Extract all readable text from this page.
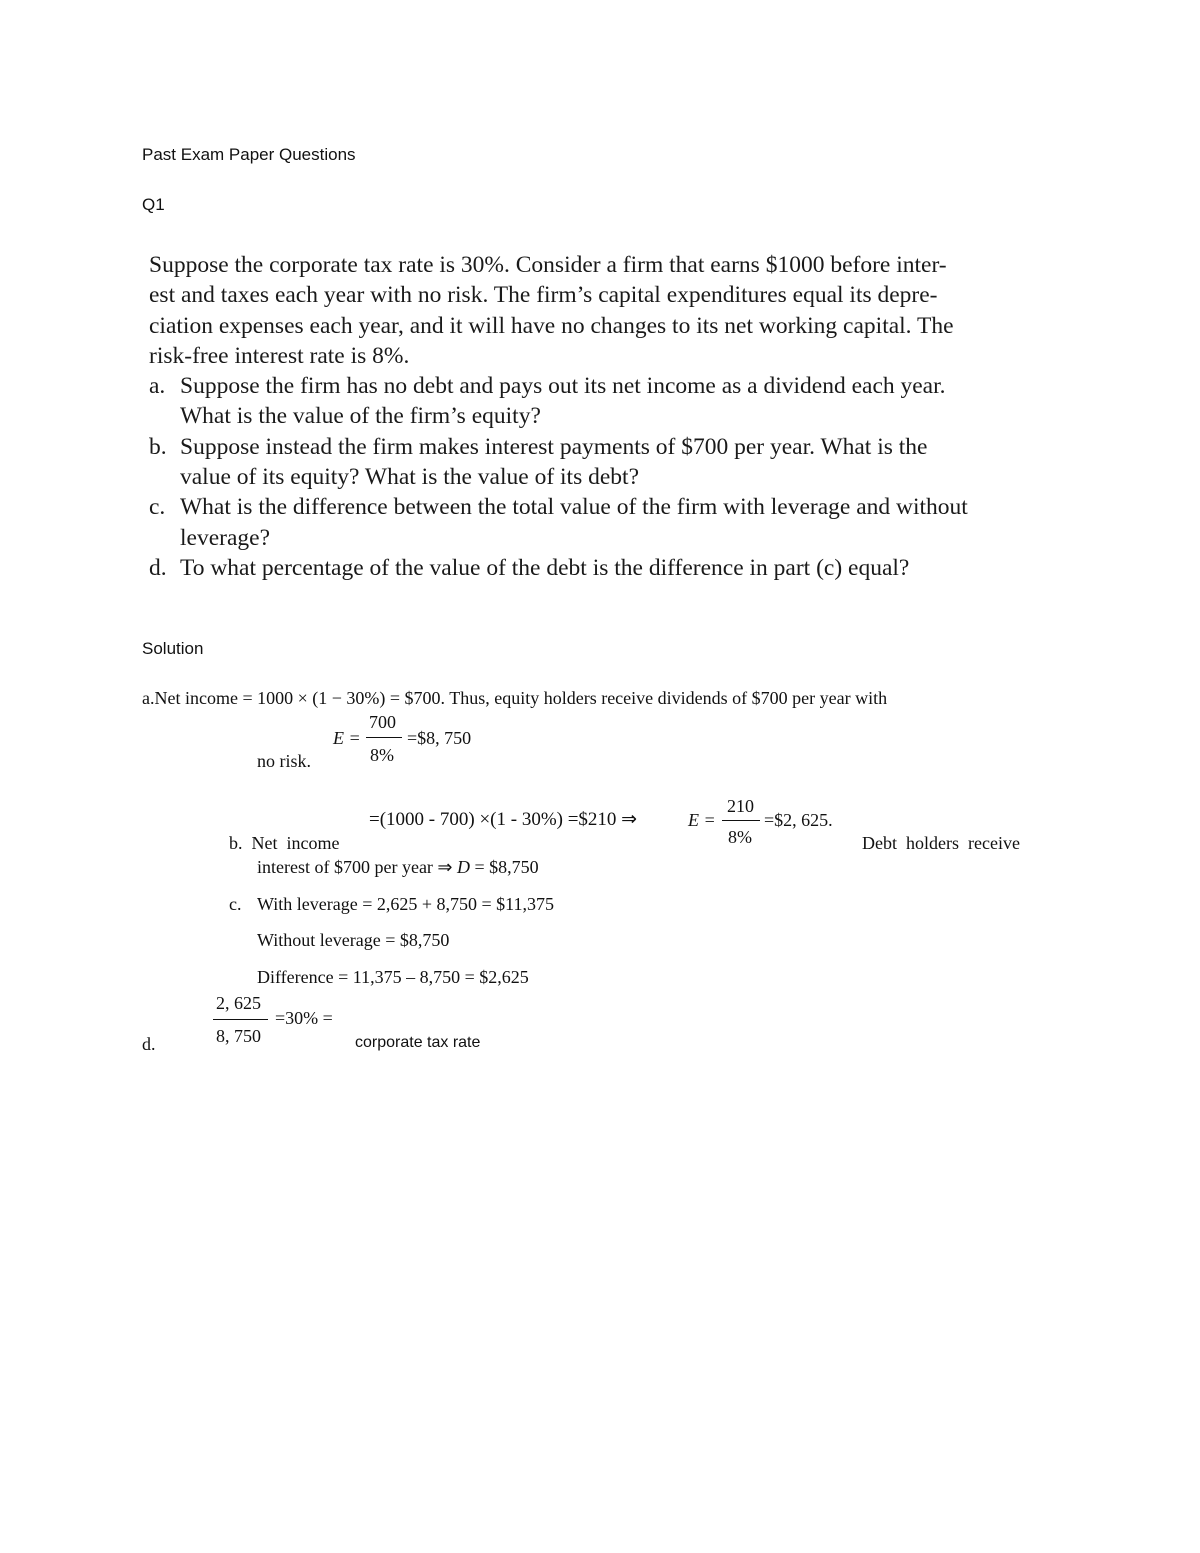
Past Exam Paper Questions
Q1

Suppose the corporate tax rate is 30%. Consider a firm that earns $1000 before inter-

est and taxes each year with no risk. The firm’s capital expenditures equal its depre-

ciation expenses each year, and it will have no changes to its net working capital. The

risk-free interest rate is 8%.

a. Suppose the firm has no debt and pays out its net income as a dividend each year.

What is the value of the firm’s equity?

b. Suppose instead the firm makes interest payments of $700 per year. What is the

value of its equity? What is the value of its debt?

c. What is the difference between the total value of the firm with leverage and without

leverage?

d. To what percentage of the value of the debt is the difference in part (c) equal?

Solution
a.Net income = 1000 × (1 − 30%) = $700. Thus, equity holders receive dividends of $700 per year with
no risk.
E =
700
8%
=$8, 750
=(1000 - 700) ×(1 - 30%) =$210 ⇒	E =
210
8%
=$2, 625.
b.  Net  income	Debt  holders  receive
interest of $700 per year ⇒ D = $8,750
c. With leverage = 2,625 + 8,750 = $11,375
Without leverage = $8,750
Difference = 11,375 – 8,750 = $2,625
d.
2, 625
8, 750
=30% =
corporate tax rate
